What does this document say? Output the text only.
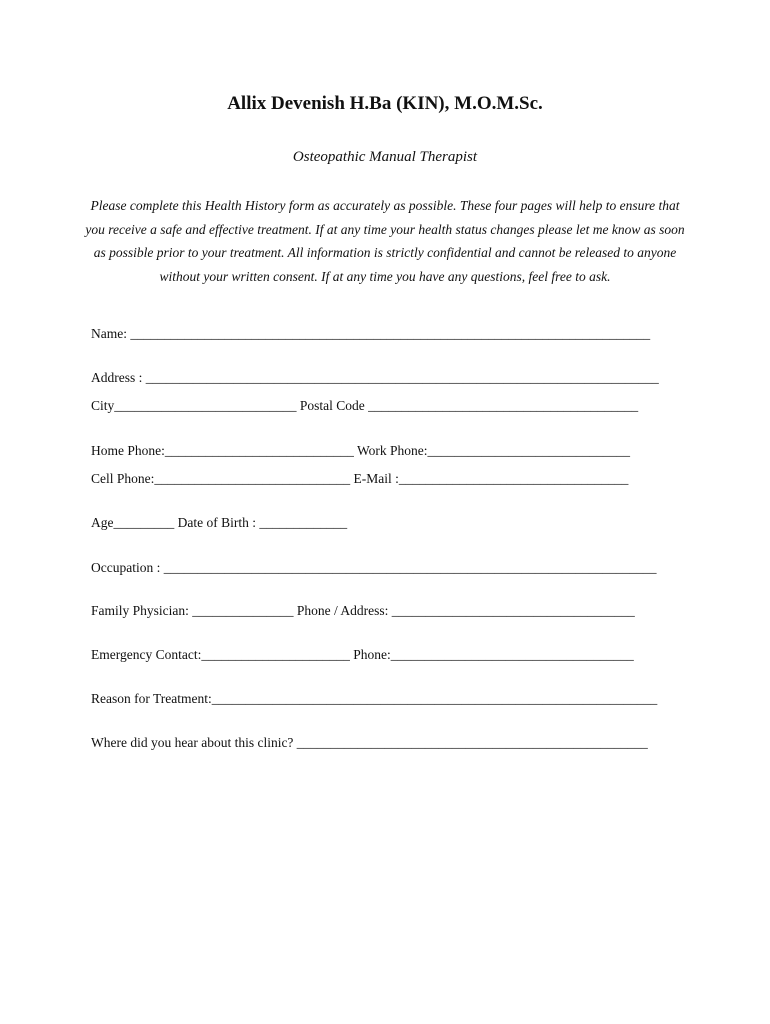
Allix Devenish H.Ba (KIN), M.O.M.Sc.
Osteopathic Manual Therapist
Please complete this Health History form as accurately as possible. These four pages will help to ensure that you receive a safe and effective treatment. If at any time your health status changes please let me know as soon as possible prior to your treatment. All information is strictly confidential and cannot be released to anyone without your written consent. If at any time you have any questions, feel free to ask.
Name: _____________________________________________________________________________
Address : ____________________________________________________________________________
City___________________________ Postal Code ________________________________________
Home Phone:____________________________ Work Phone:______________________________
Cell Phone:_____________________________ E-Mail :__________________________________
Age_________ Date of Birth : _____________
Occupation : _________________________________________________________________________
Family Physician: _______________ Phone / Address: ____________________________________
Emergency Contact:______________________ Phone:____________________________________
Reason for Treatment:__________________________________________________________________
Where did you hear about this clinic? ____________________________________________________
